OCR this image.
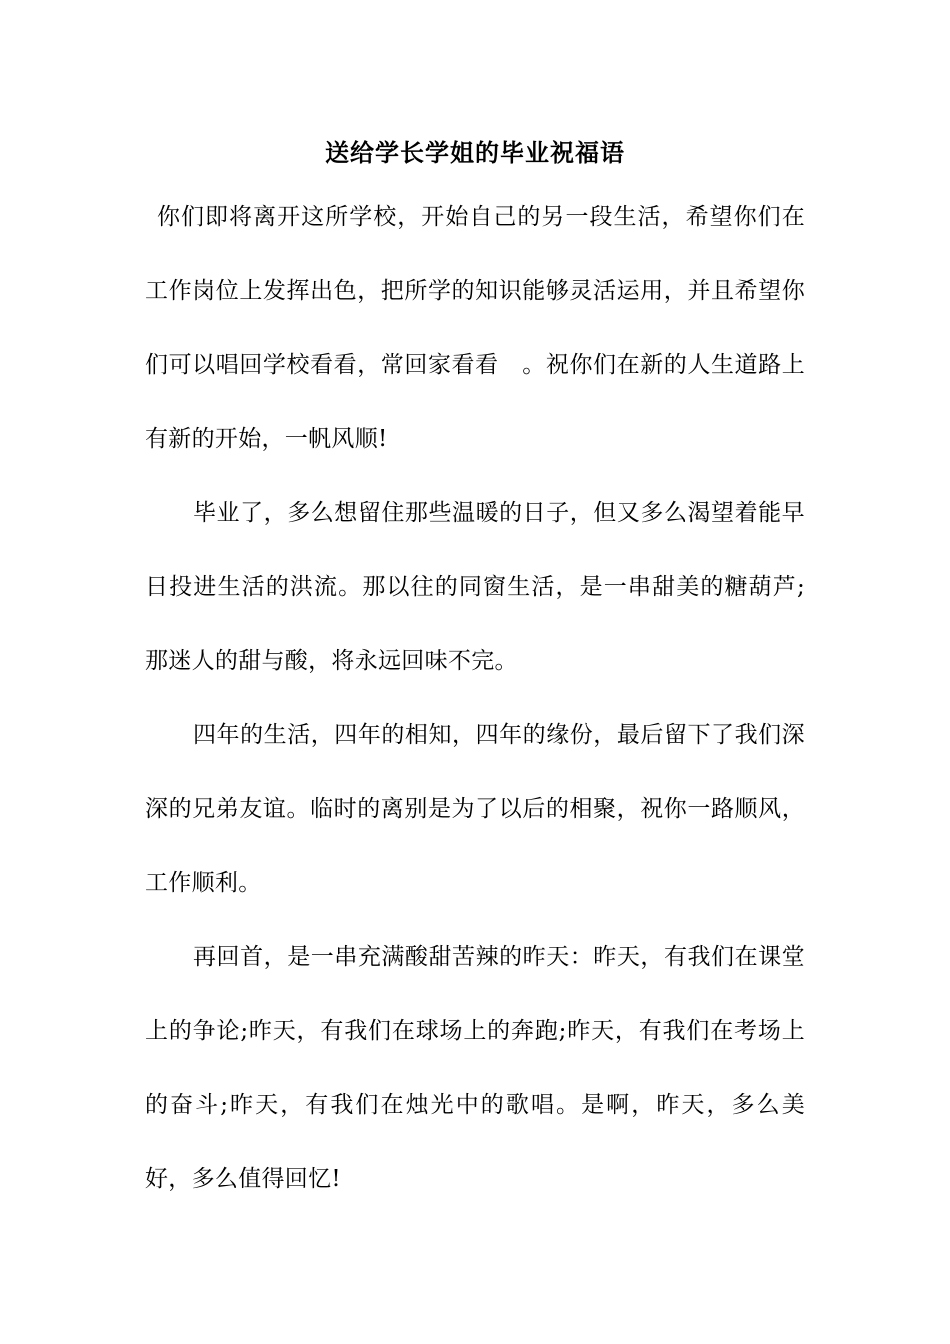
送给学长学姐的毕业祝福语

你们即将离开这所学校，开始自己的另一段生活，希望你们在工作岗位上发挥出色，把所学的知识能够灵活运用，并且希望你们可以唱回学校看看，常回家看看　。祝你们在新的人生道路上有新的开始，一帆风顺!

毕业了，多么想留住那些温暖的日子，但又多么渴望着能早日投进生活的洪流。那以往的同窗生活，是一串甜美的糖葫芦;那迷人的甜与酸，将永远回味不完。

四年的生活，四年的相知，四年的缘份，最后留下了我们深深的兄弟友谊。临时的离别是为了以后的相聚，祝你一路顺风，工作顺利。

再回首，是一串充满酸甜苦辣的昨天：昨天，有我们在课堂上的争论;昨天，有我们在球场上的奔跑;昨天，有我们在考场上的奋斗;昨天，有我们在烛光中的歌唱。是啊，昨天，多么美好，多么值得回忆!
